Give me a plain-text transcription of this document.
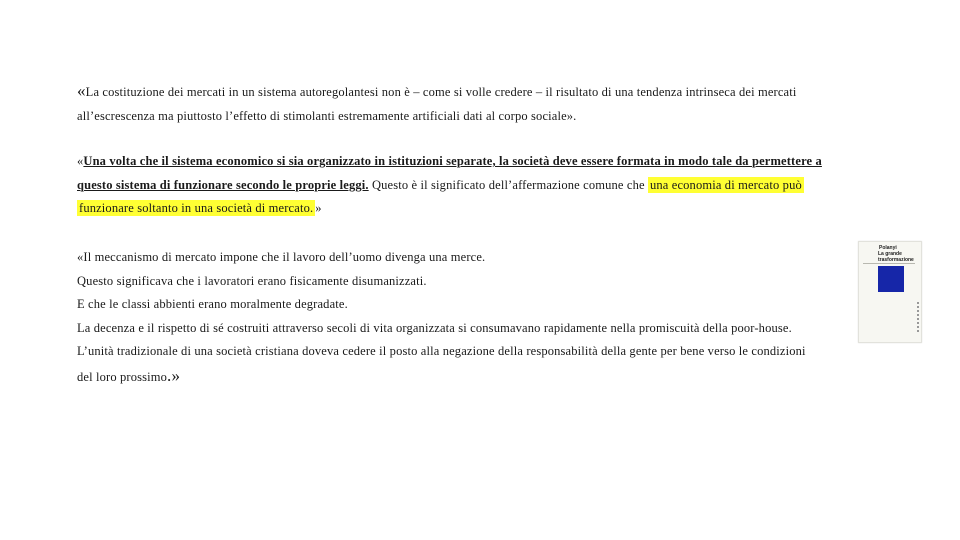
«La costituzione dei mercati in un sistema autoregolantesi non è – come si volle credere – il risultato di una tendenza intrinseca dei mercati
all’escrescenza ma piuttosto l’effetto di stimolanti estremamente artificiali dati al corpo sociale».
«Una volta che il sistema economico si sia organizzato in istituzioni separate, la società deve essere formata in modo tale da permettere a
questo sistema di funzionare secondo le proprie leggi. Questo è il significato dell’affermazione comune che una economia di mercato può
funzionare soltanto in una società di mercato. »
«Il meccanismo di mercato impone che il lavoro dell’uomo divenga una merce.
Questo significava che i lavoratori erano fisicamente disumanizzati.
E che le classi abbienti erano moralmente degradate.
La decenza e il rispetto di sé costruiti attraverso secoli di vita organizzata si consumavano rapidamente nella promiscuità della poor-house.
L’unità tradizionale di una società cristiana doveva cedere il posto alla negazione della responsabilità della gente per bene verso le condizioni
del loro prossimo.»
Polanyi
La grande trasformazione
